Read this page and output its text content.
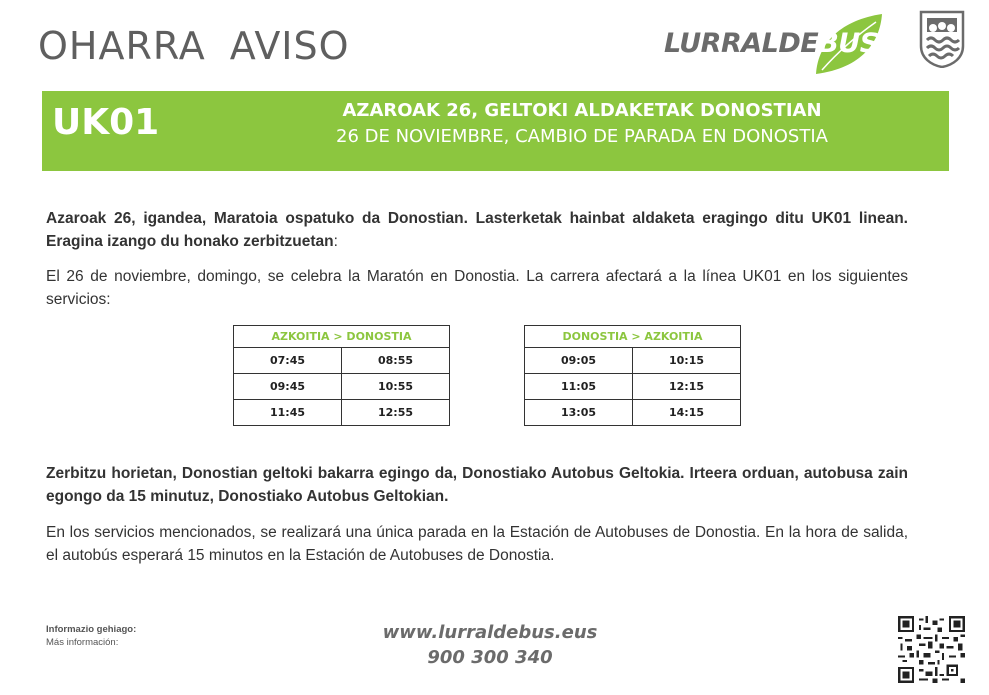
OHARRA AVISO	LURRALDEBUS
UK01	AZAROAK 26, GELTOKI ALDAKETAK DONOSTIAN
26 DE NOVIEMBRE, CAMBIO DE PARADA EN DONOSTIA
Azaroak 26, igandea, Maratoia ospatuko da Donostian. Lasterketak hainbat aldaketa eragingo ditu UK01 linean. Eragina izango du honako zerbitzuetan:
El 26 de noviembre, domingo, se celebra la Maratón en Donostia. La carrera afectará a la línea UK01 en los siguientes servicios:
AZKOITIA > DONOSTIA	
07:45	08:55
09:45	10:55
11:45	12:55
DONOSTIA > AZKOITIA	
09:05	10:15
11:05	12:15
13:05	14:15
Zerbitzu horietan, Donostian geltoki bakarra egingo da, Donostiako Autobus Geltokia. Irteera orduan, autobusa zain egongo da 15 minutuz, Donostiako Autobus Geltokian.
En los servicios mencionados, se realizará una única parada en la Estación de Autobuses de Donostia. En la hora de salida, el autobús esperará 15 minutos en la Estación de Autobuses de Donostia.
Informazio gehiago:
Más información:	www.lurraldebus.eus
900 300 340
